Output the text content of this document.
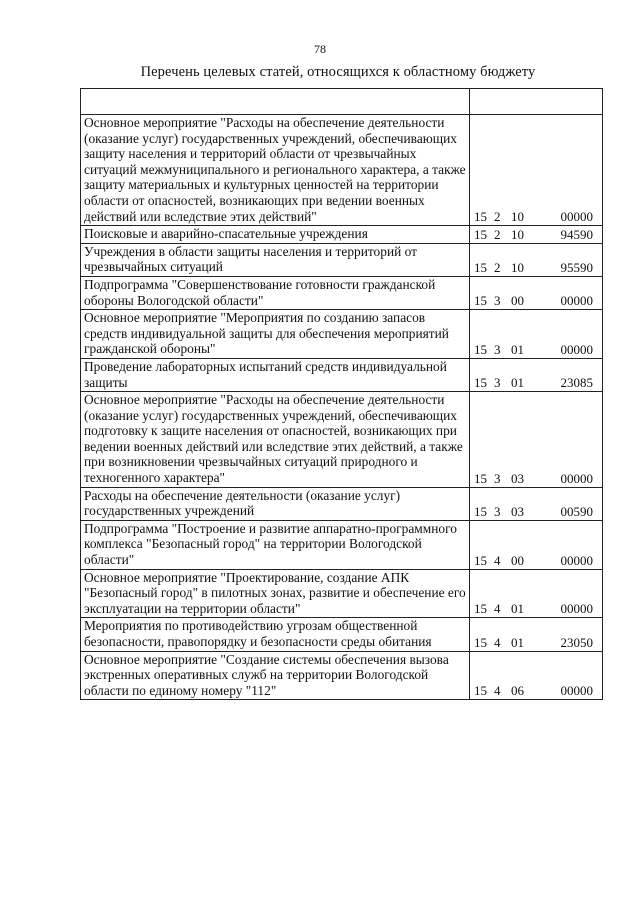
78
Перечень целевых статей, относящихся к областному бюджету

Основное мероприятие "Расходы на обеспечение деятельности (оказание услуг) государственных учреждений, обеспечивающих защиту населения и территорий области от чрезвычайных ситуаций межмуниципального и регионального характера, а также защиту материальных и культурных ценностей на территории области от опасностей, возникающих при ведении военных действий или вследствие этих действий"	15 2 10 00000
Поисковые и аварийно-спасательные учреждения	15 2 10 94590
Учреждения в области защиты населения и территорий от чрезвычайных ситуаций	15 2 10 95590
Подпрограмма "Совершенствование готовности гражданской обороны Вологодской области"	15 3 00 00000
Основное мероприятие "Мероприятия по созданию запасов средств индивидуальной защиты для обеспечения мероприятий гражданской обороны"	15 3 01 00000
Проведение лабораторных испытаний средств индивидуальной защиты	15 3 01 23085
Основное мероприятие "Расходы на обеспечение деятельности (оказание услуг) государственных учреждений, обеспечивающих подготовку к защите населения от опасностей, возникающих при ведении военных действий или вследствие этих действий, а также при возникновении чрезвычайных ситуаций природного и техногенного характера"	15 3 03 00000
Расходы на обеспечение деятельности (оказание услуг) государственных учреждений	15 3 03 00590
Подпрограмма "Построение и развитие аппаратно-программного комплекса "Безопасный город" на территории Вологодской области"	15 4 00 00000
Основное мероприятие "Проектирование, создание АПК "Безопасный город" в пилотных зонах, развитие и обеспечение его эксплуатации на территории области"	15 4 01 00000
Мероприятия по противодействию угрозам общественной безопасности, правопорядку и безопасности среды обитания	15 4 01 23050
Основное мероприятие "Создание системы обеспечения вызова экстренных оперативных служб на территории Вологодской области по единому номеру "112"	15 4 06 00000
